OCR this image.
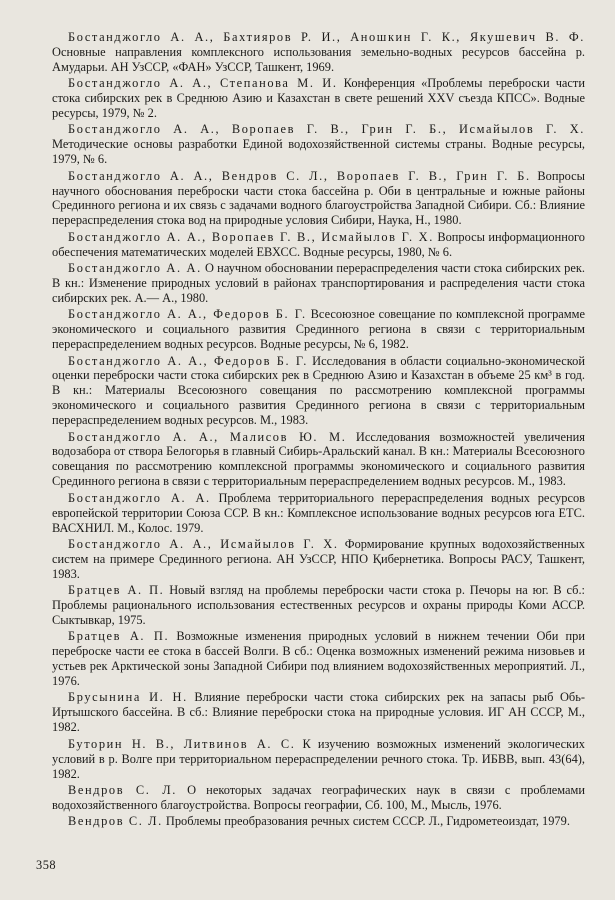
Бостанджогло А. А., Бахтияров Р. И., Аношкин Г. К., Якушевич В. Ф. Основные направления комплексного использования земельно-водных ресурсов бассейна р. Амударьи. АН УзССР, «ФАН» УзССР, Ташкент, 1969.
Бостанджогло А. А., Степанова М. И. Конференция «Проблемы переброски части стока сибирских рек в Среднюю Азию и Казахстан в свете решений XXV съезда КПСС». Водные ресурсы, 1979, № 2.
Бостанджогло А. А., Воропаев Г. В., Грин Г. Б., Исмайылов Г. Х. Методические основы разработки Единой водохозяйственной системы страны. Водные ресурсы, 1979, № 6.
Бостанджогло А. А., Вендров С. Л., Воропаев Г. В., Грин Г. Б. Вопросы научного обоснования переброски части стока бассейна р. Оби в центральные и южные районы Срединного региона и их связь с задачами водного благоустройства Западной Сибири. Сб.: Влияние перераспределения стока вод на природные условия Сибири, Наука, Н., 1980.
Бостанджогло А. А., Воропаев Г. В., Исмайылов Г. Х. Вопросы информационного обеспечения математических моделей ЕВХСС. Водные ресурсы, 1980, № 6.
Бостанджогло А. А. О научном обосновании перераспределения части стока сибирских рек. В кн.: Изменение природных условий в районах транспортирования и распределения части стока сибирских рек. А.— А., 1980.
Бостанджогло А. А., Федоров Б. Г. Всесоюзное совещание по комплексной программе экономического и социального развития Срединного региона в связи с территориальным перераспределением водных ресурсов. Водные ресурсы, № 6, 1982.
Бостанджогло А. А., Федоров Б. Г. Исследования в области социально-экономической оценки переброски части стока сибирских рек в Среднюю Азию и Казахстан в объеме 25 км³ в год. В кн.: Материалы Всесоюзного совещания по рассмотрению комплексной программы экономического и социального развития Срединного региона в связи с территориальным перераспределением водных ресурсов. М., 1983.
Бостанджогло А. А., Малисов Ю. М. Исследования возможностей увеличения водозабора от створа Белогорья в главный Сибирь-Аральский канал. В кн.: Материалы Всесоюзного совещания по рассмотрению комплексной программы экономического и социального развития Срединного региона в связи с территориальным перераспределением водных ресурсов. М., 1983.
Бостанджогло А. А. Проблема территориального перераспределения водных ресурсов европейской территории Союза ССР. В кн.: Комплексное использование водных ресурсов юга ЕТС. ВАСХНИЛ. М., Колос. 1979.
Бостанджогло А. А., Исмайылов Г. Х. Формирование крупных водохозяйственных систем на примере Срединного региона. АН УзССР, НПО Қибернетика. Вопросы РАСУ, Ташкент, 1983.
Братцев А. П. Новый взгляд на проблемы переброски части стока р. Печоры на юг. В сб.: Проблемы рационального использования естественных ресурсов и охраны природы Коми АССР. Сыктывкар, 1975.
Братцев А. П. Возможные изменения природных условий в нижнем течении Оби при переброске части ее стока в бассей Волги. В сб.: Оценка возможных изменений режима низовьев и устьев рек Арктической зоны Западной Сибири под влиянием водохозяйственных мероприятий. Л., 1976.
Брусынина И. Н. Влияние переброски части стока сибирских рек на запасы рыб Обь-Иртышского бассейна. В сб.: Влияние переброски стока на природные условия. ИГ АН СССР, М., 1982.
Буторин Н. В., Литвинов А. С. К изучению возможных изменений экологических условий в р. Волге при территориальном перераспределении речного стока. Тр. ИБВВ, вып. 43(64), 1982.
Вендров С. Л. О некоторых задачах географических наук в связи с проблемами водохозяйственного благоустройства. Вопросы географии, Сб. 100, М., Мысль, 1976.
Вендров С. Л. Проблемы преобразования речных систем СССР. Л., Гидрометеоиздат, 1979.
358
